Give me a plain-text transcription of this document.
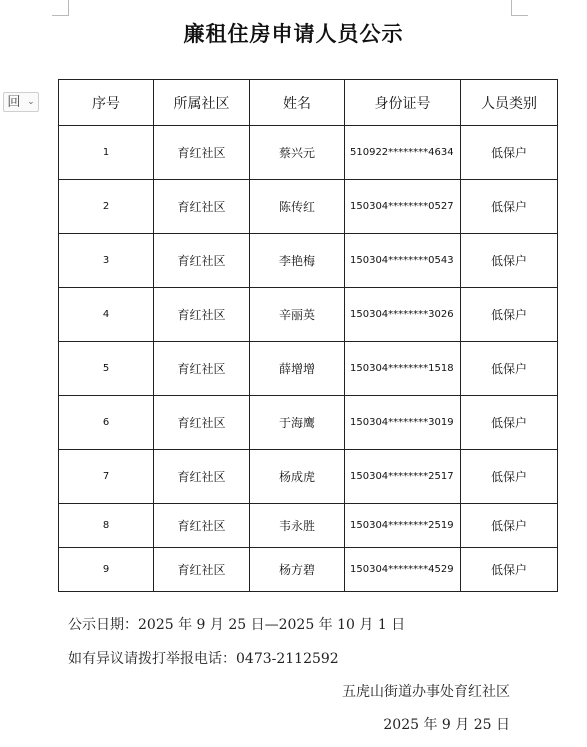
廉租住房申请人员公示
回 ⌄	序号	所属社区	姓名	身份证号	人员类别
1	育红社区	蔡兴元	510922********4634	低保户
2	育红社区	陈传红	150304********0527	低保户
3	育红社区	李艳梅	150304********0543	低保户
4	育红社区	辛丽英	150304********3026	低保户
5	育红社区	薛增增	150304********1518	低保户
6	育红社区	于海鹰	150304********3019	低保户
7	育红社区	杨成虎	150304********2517	低保户
8	育红社区	韦永胜	150304********2519	低保户
9	育红社区	杨方碧	150304********4529	低保户
公示日期：2025 年 9 月 25 日—2025 年 10 月 1 日
如有异议请拨打举报电话：0473-2112592
五虎山街道办事处育红社区
2025 年 9 月 25 日
